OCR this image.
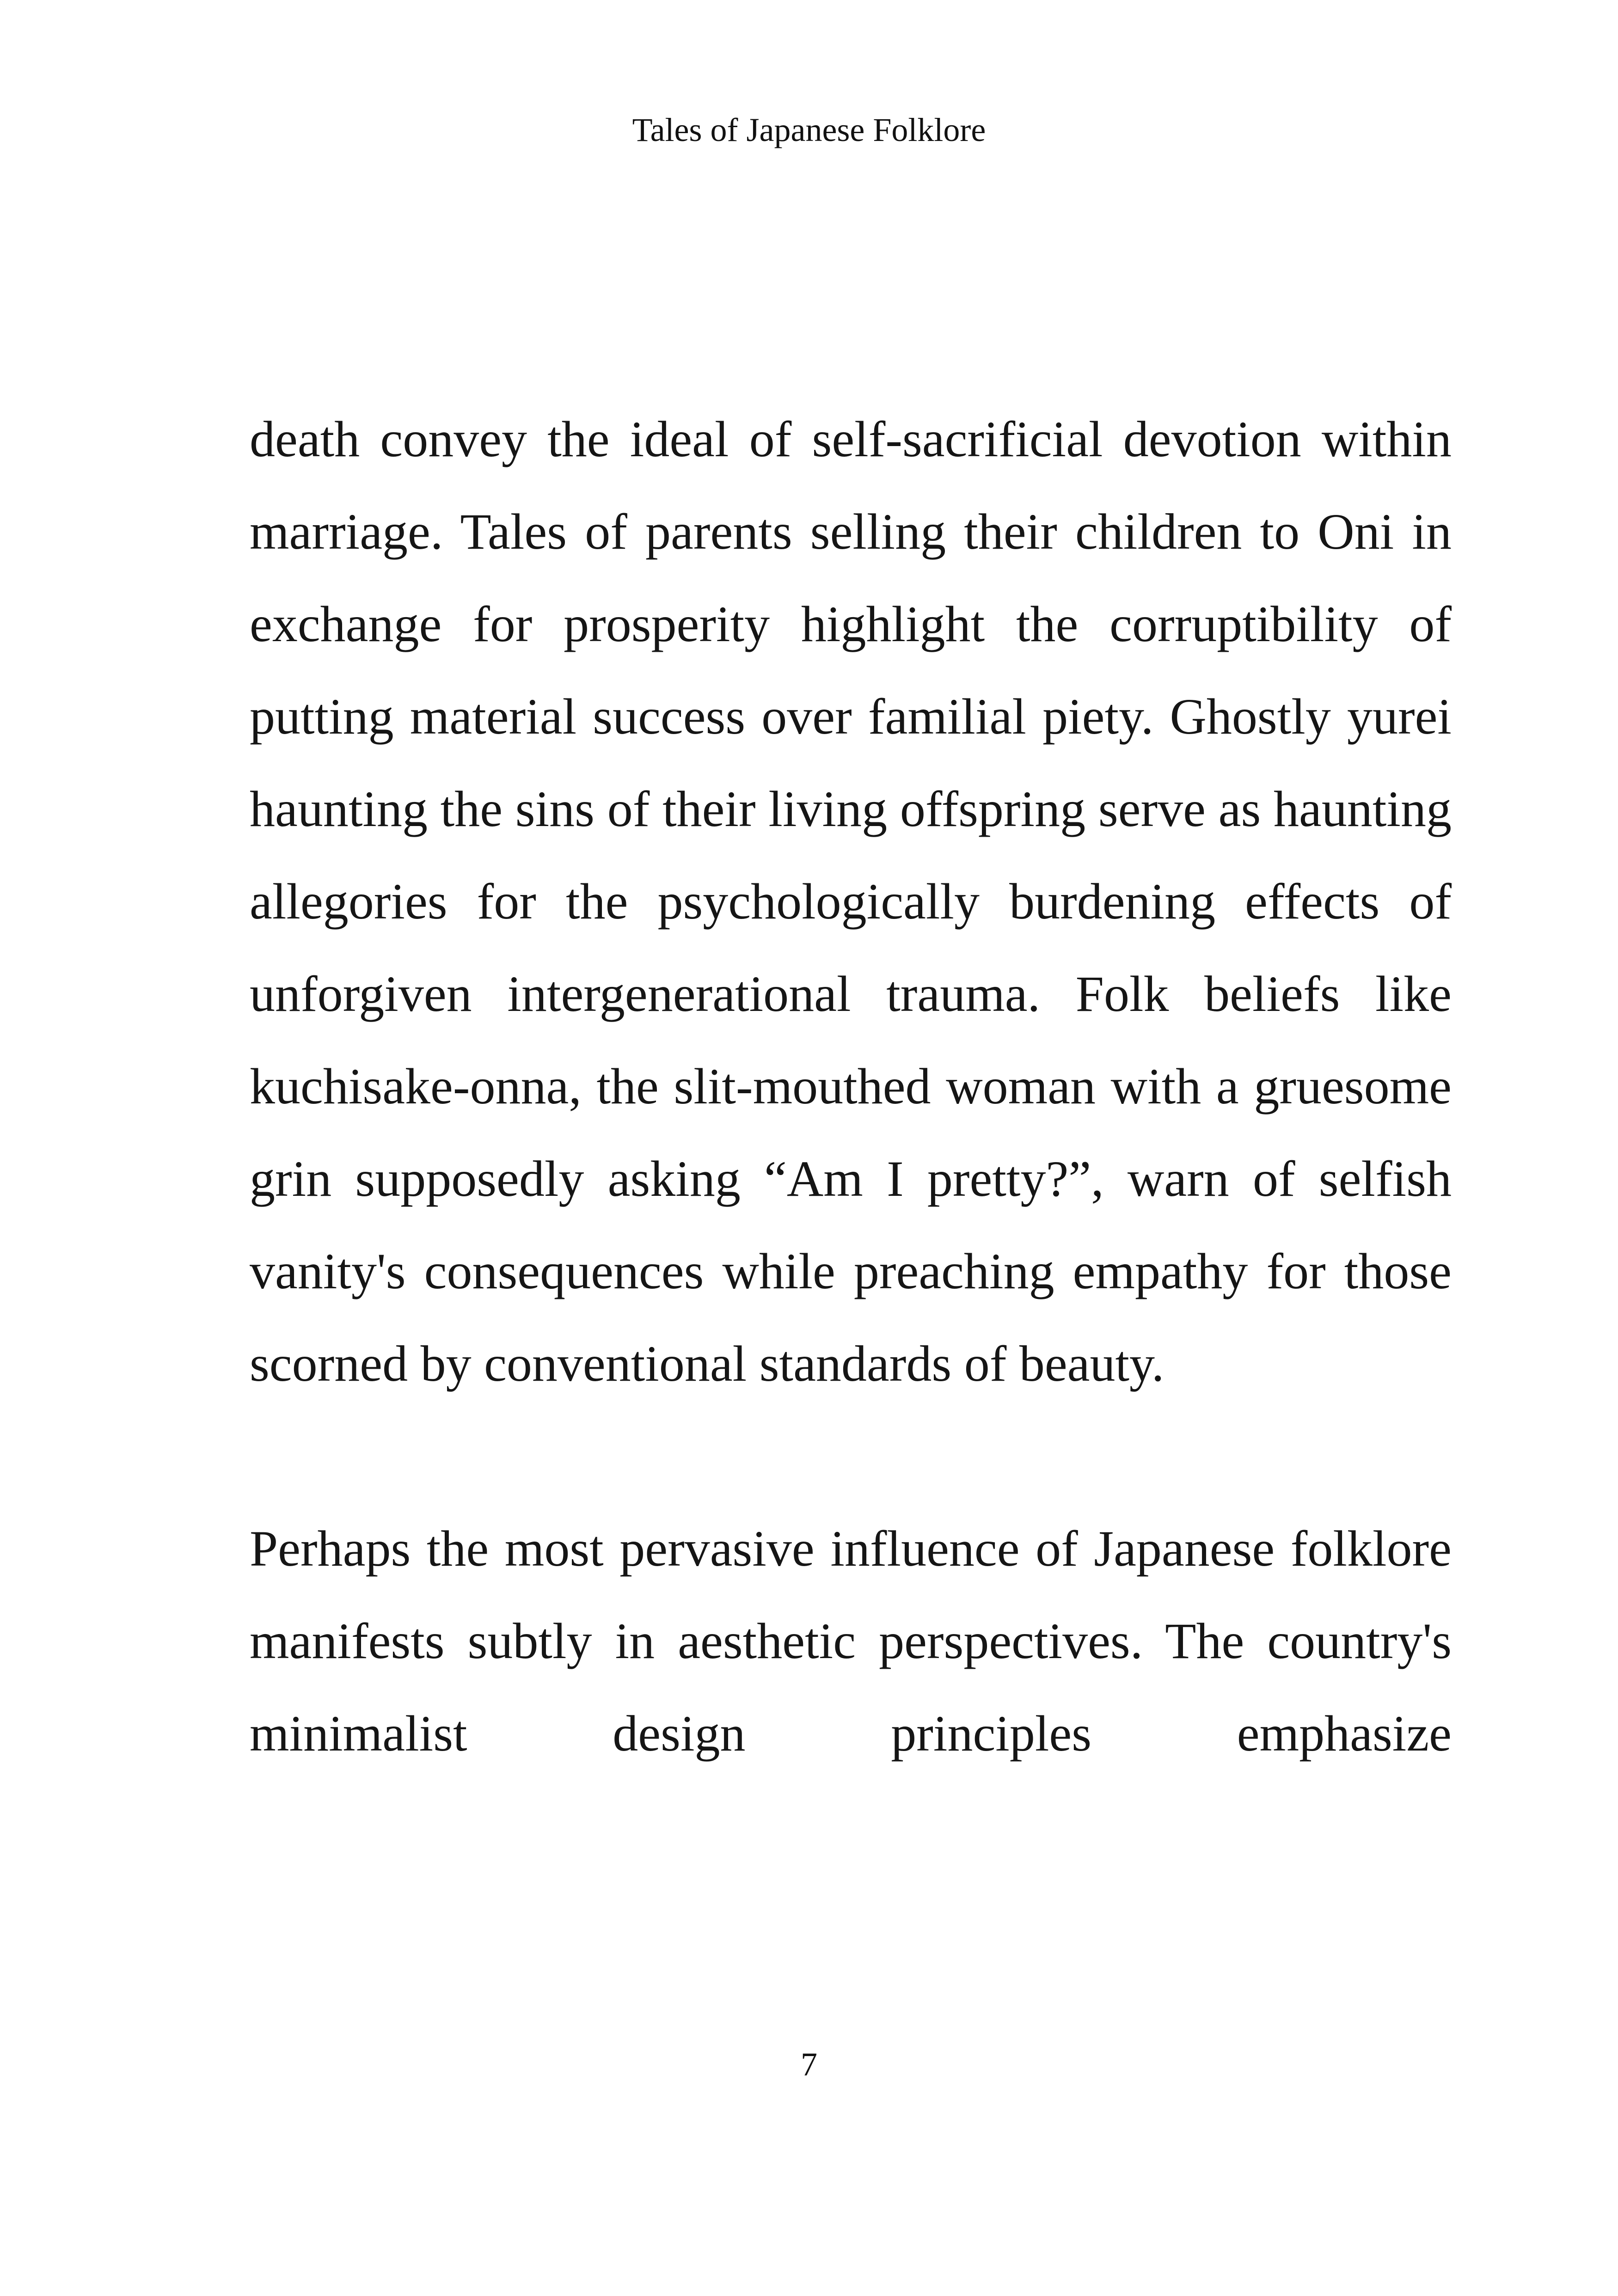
Tales of Japanese Folklore

death convey the ideal of self-sacrificial devotion within marriage. Tales of parents selling their children to Oni in exchange for prosperity highlight the corruptibility of putting material success over familial piety. Ghostly yurei haunting the sins of their living offspring serve as haunting allegories for the psychologically burdening effects of unforgiven intergenerational trauma. Folk beliefs like kuchisake-onna, the slit-mouthed woman with a gruesome grin supposedly asking “Am I pretty?”, warn of selfish vanity's consequences while preaching empathy for those scorned by conventional standards of beauty.

Perhaps the most pervasive influence of Japanese folklore manifests subtly in aesthetic perspectives. The country's minimalist design principles emphasize

7
